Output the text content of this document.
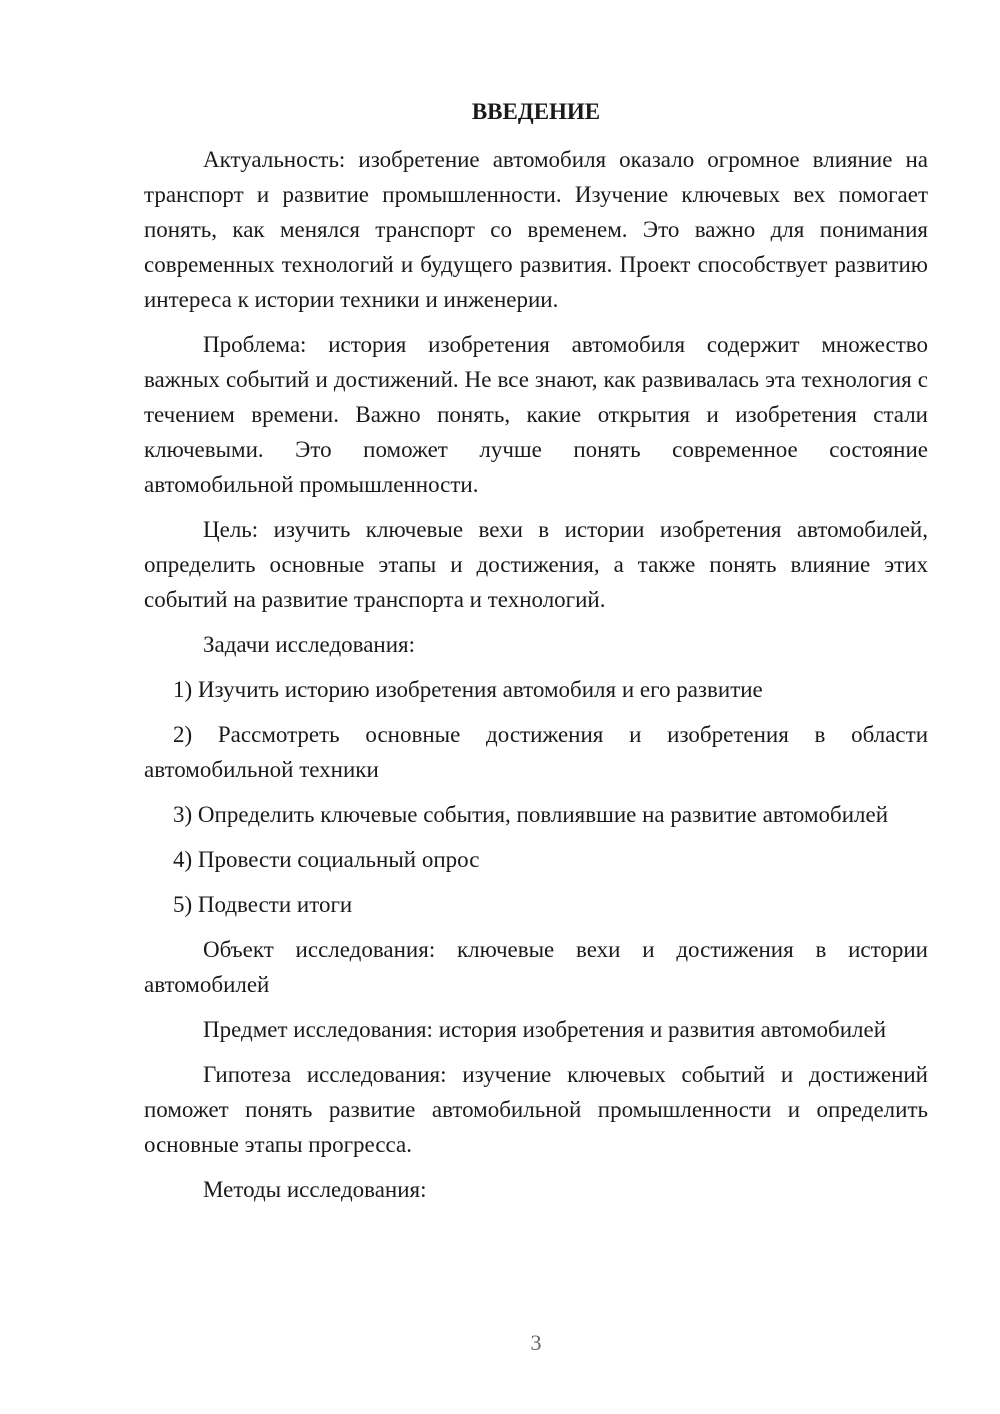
ВВЕДЕНИЕ

Актуальность: изобретение автомобиля оказало огромное влияние на транспорт и развитие промышленности. Изучение ключевых вех помогает понять, как менялся транспорт со временем. Это важно для понимания современных технологий и будущего развития. Проект способствует развитию интереса к истории техники и инженерии.

Проблема: история изобретения автомобиля содержит множество важных событий и достижений. Не все знают, как развивалась эта технология с течением времени. Важно понять, какие открытия и изобретения стали ключевыми. Это поможет лучше понять современное состояние автомобильной промышленности.

Цель: изучить ключевые вехи в истории изобретения автомобилей, определить основные этапы и достижения, а также понять влияние этих событий на развитие транспорта и технологий.

Задачи исследования:

1) Изучить историю изобретения автомобиля и его развитие

2) Рассмотреть основные достижения и изобретения в области автомобильной техники

3) Определить ключевые события, повлиявшие на развитие автомобилей

4) Провести социальный опрос

5) Подвести итоги

Объект исследования: ключевые вехи и достижения в истории автомобилей

Предмет исследования: история изобретения и развития автомобилей

Гипотеза исследования: изучение ключевых событий и достижений поможет понять развитие автомобильной промышленности и определить основные этапы прогресса.

Методы исследования:

3
